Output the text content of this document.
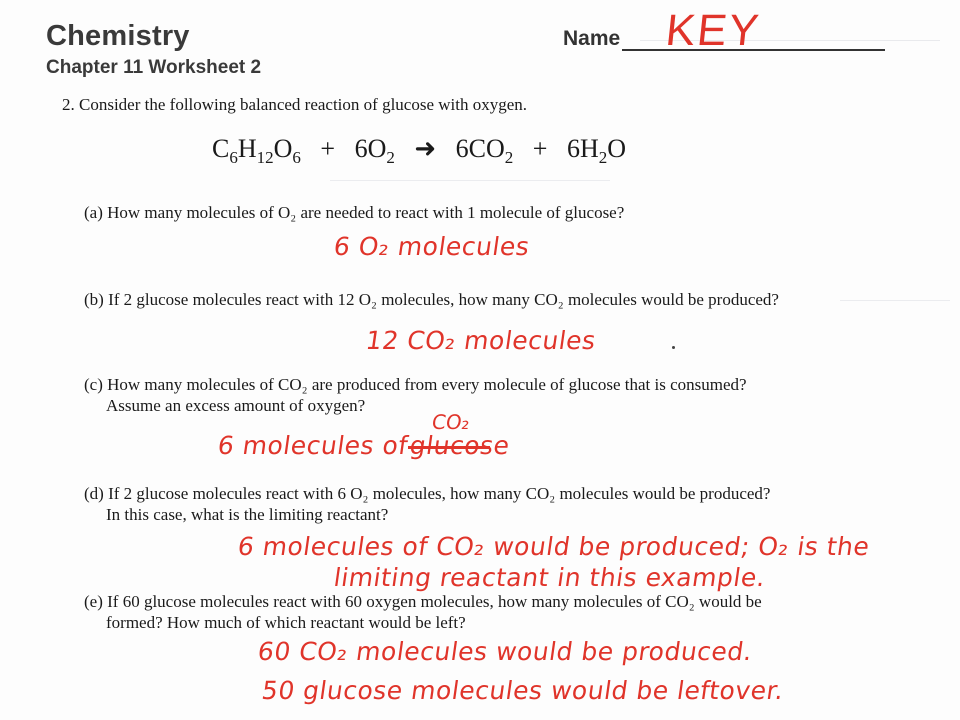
Chemistry
Chapter 11 Worksheet 2
Name KEY
2. Consider the following balanced reaction of glucose with oxygen.
$C_6H_{12}O_6 + 6O_2$ ➜   $6CO_2 + 6H_2O$
(a) How many molecules of O₂ are needed to react with 1 molecule of glucose?
6 O₂ molecules
(b) If 2 glucose molecules react with 12 O₂ molecules, how many CO₂ molecules would be produced?
12 CO₂ molecules
(c) How many molecules of CO₂ are produced from every molecule of glucose that is consumed?
Assume an excess amount of oxygen?
6 molecules of
glucose
CO₂
(d) If 2 glucose molecules react with 6 O₂ molecules, how many CO₂ molecules would be produced?
In this case, what is the limiting reactant?
6 molecules of CO₂ would be produced; O₂ is the
limiting reactant in this example.
(e) If 60 glucose molecules react with 60 oxygen molecules, how many molecules of CO₂ would be
formed? How much of which reactant would be left?
60 CO₂ molecules would be produced.
50 glucose molecules would be leftover.
